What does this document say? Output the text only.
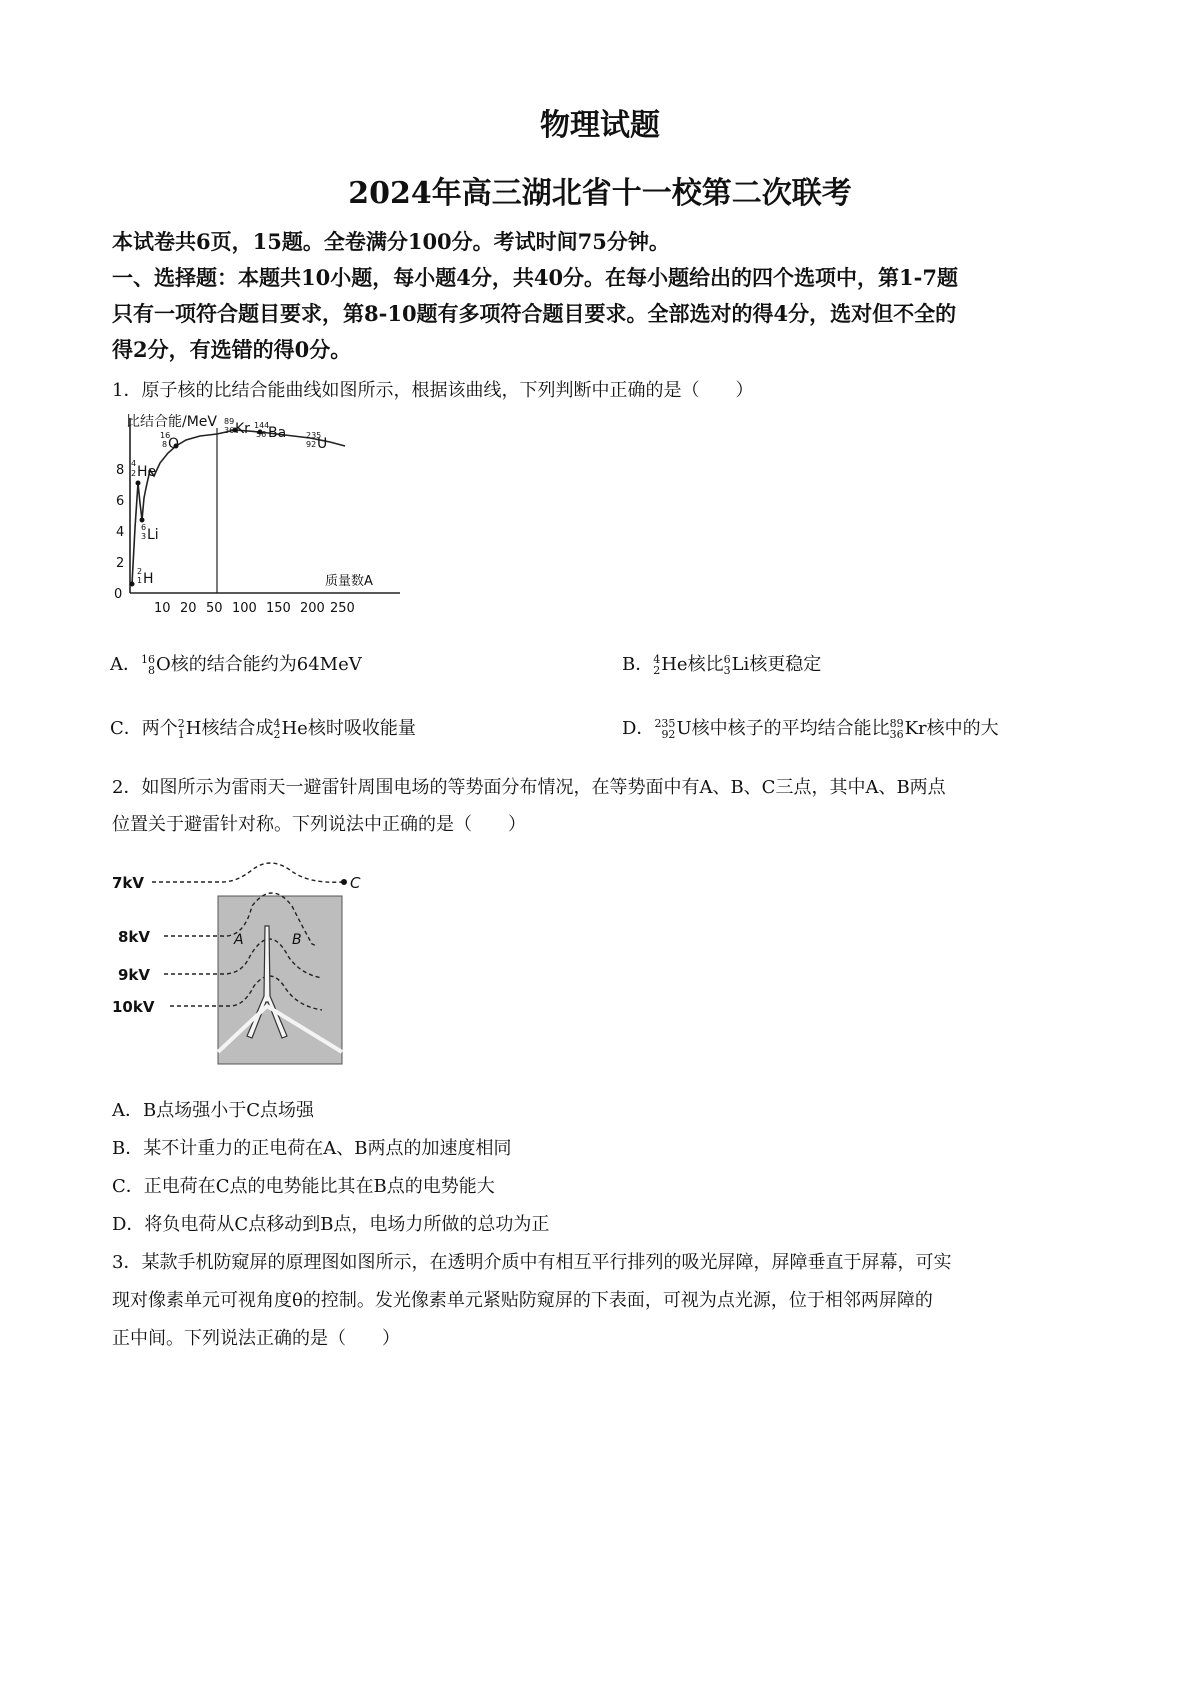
物理试题
2024年高三湖北省十一校第二次联考
本试卷共6页，15题。全卷满分100分。考试时间75分钟。
一、选择题：本题共10小题，每小题4分，共40分。在每小题给出的四个选项中，第1-7题
只有一项符合题目要求，第8-10题有多项符合题目要求。全部选对的得4分，选对但不全的
得2分，有选错的得0分。
1．原子核的比结合能曲线如图所示，根据该曲线，下列判断中正确的是（　　）
比结合能/MeV
质量数A
8
6
4
2
0
10 20 50 100 150 200 250
4
2 He
16
8 O
89
36 Kr 144
56 Ba 235
92 U
6
3 Li
2
1 H
A． 16
8 O核的结合能约为64MeV	B． 4
2 He核比 6
3 Li核更稳定
C．两个 2
1 H核结合成 4
2 He核时吸收能量	D． 235
92 U核中核子的平均结合能比 89
36 Kr核中的大
2．如图所示为雷雨天一避雷针周围电场的等势面分布情况，在等势面中有A、B、C三点，其中A、B两点
位置关于避雷针对称。下列说法中正确的是（　　）
7kV
8kV
9kV
10kV
A	B
C
A．B点场强小于C点场强
B．某不计重力的正电荷在A、B两点的加速度相同
C．正电荷在C点的电势能比其在B点的电势能大
D．将负电荷从C点移动到B点，电场力所做的总功为正
3．某款手机防窥屏的原理图如图所示，在透明介质中有相互平行排列的吸光屏障，屏障垂直于屏幕，可实
现对像素单元可视角度θ的控制。发光像素单元紧贴防窥屏的下表面，可视为点光源，位于相邻两屏障的
正中间。下列说法正确的是（　　）
